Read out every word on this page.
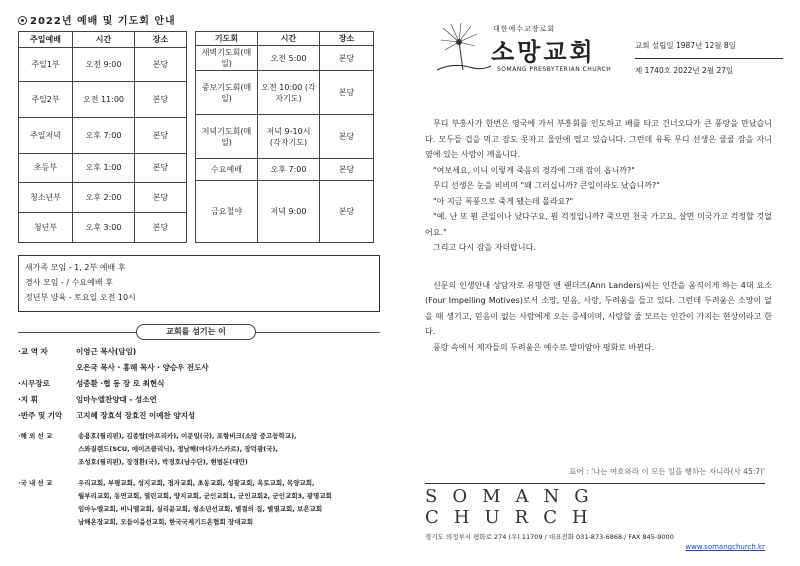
2022년 예배 및 기도회 안내
주일예배	시간	장소
주일1부	오전 9:00	본당
주일2부	오전 11:00	본당
주일저녁	오후 7:00	본당
초등부	오후 1:00	본당
청소년부	오후 2:00	본당
청년부	오후 3:00	본당
기도회	시간	장소
새벽기도회(매일)	오전 5:00	본당
중보기도회(매일)	오전 10:00 (각자기도)	본당
저녁기도회(매일)	저녁 9-10시 (각자기도)	본당
수요예배	오후 7:00	본당
금요철야	저녁 9:00	본당
새가족 모임 - 1, 2부 예배 후
경사 모임 - / 수요예배 후
정년부 양육 - 토요일 오전 10시
교회를 섬기는 이
·교 역 자	이영근 목사(담임)
오은국 목사 · 홍해 목사 · 양승우 전도사
·시무장로	성중환 ·협 동 장 로 최현식
·지 휘	임마누엘찬양대 - 성소연
·반주 및 기악	고지혜 장효석 장효진 이예찬 양지성
·해 외 선 교	송용호(필리핀), 김종탑(아프리카), 이문일(국), 포항비크(소망 중고등학교),
스와질랜드(SCU, 에이즈클리닉), 정남해(마다가스카르), 장덕광(국),
조성호(필리핀), 장경환(국), 박경호(남수단), 현범돈(대만)
·국 내 선 교	우리교회, 부평교회, 성지교회, 정자교회, 초동교회, 성광교회, 옥토교회, 목양교회,
월부리교회, 동연교회, 열린교회, 양지교회, 군인교회1, 군인교회2, 군인교회3, 광명교회
임마누엘교회, 비니엘교회, 실리뮨교회, 청소년선교회, 별결의 집, 별열교회, 보은교회
남해온장교회, 모듬이음선교회, 한국국제기드온협회 장대교회
대한예수교장로회
소망교회
SOMANG PRESBYTERIAN CHURCH
교회 설립일 1987년 12월 8일
제 1740호 2022년 2월 27일

무디 부흥사가 한번은 영국에 가서 부흥회를 인도하고 배를 타고 건너오다가 큰 풍랑을 만났습니다. 모두들 겁을 먹고 잠도 못자고 울안에 떨고 있습니다. 그런데 유독 무디 선생은 쿨쿨 잠을 자니 옆에 있는 사람이 깨웁니다.

"여보세요, 이니 이렇게 죽음의 경각에 그래 잠이 옵니까?"

무디 선생은 눈을 비비며 "왜 그러십니까? 큰일이라도 났습니까?"

"아 지금 폭풍으로 죽게 됐는데 몰라요?"

"예. 난 또 뭔 큰일이나 났다구요, 뭔 걱정입니까? 죽으면 천국 가고요, 살면 미국가고 걱정할 것없어요."

그리고 다시 잠을 자더랍니다.

신문의 인생안내 상담자로 유명한 앤 랜더즈(Ann Landers)씨는 인간을 움직이게 하는 4대 요소(Four Impelling Motives)로서 소망, 믿음, 사랑, 두려움을 들고 있다. 그런데 두려움은 소망이 없을 때 생기고, 믿음이 없는 사람에게 오는 증세이며, 사랑할 줄 모르는 인간이 가지는 현상이라고 한다.

풍랑 속에서 제자들의 두려움은 예수로 말미암아 평화로 바뀐다.

표어 : '나는 여호와라 이 모든 일을 행하는 자니라(사 45:7)'
SOMANG CHURCH
경기도 의정부시 평화로 274 (우) 11709 / 대표전화 031-873-6868 / FAX 845-9000
www.somangchurch.kr
